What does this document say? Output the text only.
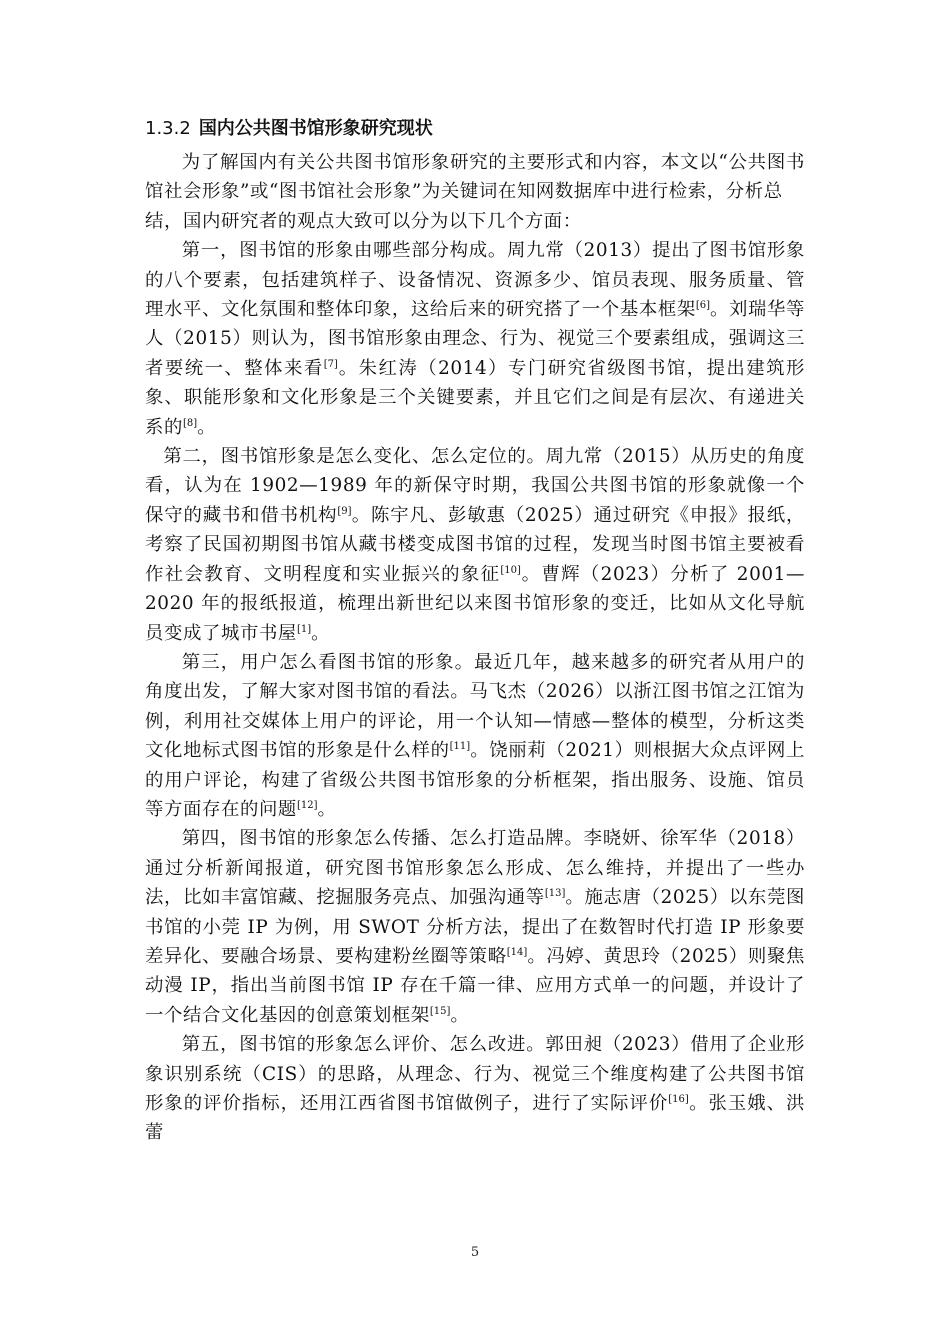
1.3.2 国内公共图书馆形象研究现状

为了解国内有关公共图书馆形象研究的主要形式和内容，本文以“公共图书馆社会形象”或“图书馆社会形象”为关键词在知网数据库中进行检索，分析总

结，国内研究者的观点大致可以分为以下几个方面：

第一，图书馆的形象由哪些部分构成。周九常（2013）提出了图书馆形象的八个要素，包括建筑样子、设备情况、资源多少、馆员表现、服务质量、管理水平、文化氛围和整体印象，这给后来的研究搭了一个基本框架[6]。刘瑞华等人（2015）则认为，图书馆形象由理念、行为、视觉三个要素组成，强调这三者要统一、整体来看[7]。朱红涛（2014）专门研究省级图书馆，提出建筑形象、职能形象和文化形象是三个关键要素，并且它们之间是有层次、有递进关系的[8]。

第二，图书馆形象是怎么变化、怎么定位的。周九常（2015）从历史的角度看，认为在 1902—1989 年的新保守时期，我国公共图书馆的形象就像一个保守的藏书和借书机构[9]。陈宇凡、彭敏惠（2025）通过研究《申报》报纸，考察了民国初期图书馆从藏书楼变成图书馆的过程，发现当时图书馆主要被看作社会教育、文明程度和实业振兴的象征[10]。曹辉（2023）分析了 2001—2020 年的报纸报道，梳理出新世纪以来图书馆形象的变迁，比如从文化导航员变成了城市书屋[1]。

第三，用户怎么看图书馆的形象。最近几年，越来越多的研究者从用户的角度出发，了解大家对图书馆的看法。马飞杰（2026）以浙江图书馆之江馆为例，利用社交媒体上用户的评论，用一个认知—情感—整体的模型，分析这类文化地标式图书馆的形象是什么样的[11]。饶丽莉（2021）则根据大众点评网上的用户评论，构建了省级公共图书馆形象的分析框架，指出服务、设施、馆员等方面存在的问题[12]。

第四，图书馆的形象怎么传播、怎么打造品牌。李晓妍、徐军华（2018）通过分析新闻报道，研究图书馆形象怎么形成、怎么维持，并提出了一些办法，比如丰富馆藏、挖掘服务亮点、加强沟通等[13]。施志唐（2025）以东莞图书馆的小莞 IP 为例，用 SWOT 分析方法，提出了在数智时代打造 IP 形象要差异化、要融合场景、要构建粉丝圈等策略[14]。冯婷、黄思玲（2025）则聚焦动漫 IP，指出当前图书馆 IP 存在千篇一律、应用方式单一的问题，并设计了一个结合文化基因的创意策划框架[15]。

第五，图书馆的形象怎么评价、怎么改进。郭田昶（2023）借用了企业形象识别系统（CIS）的思路，从理念、行为、视觉三个维度构建了公共图书馆形象的评价指标，还用江西省图书馆做例子，进行了实际评价[16]。张玉娥、洪蕾

5
